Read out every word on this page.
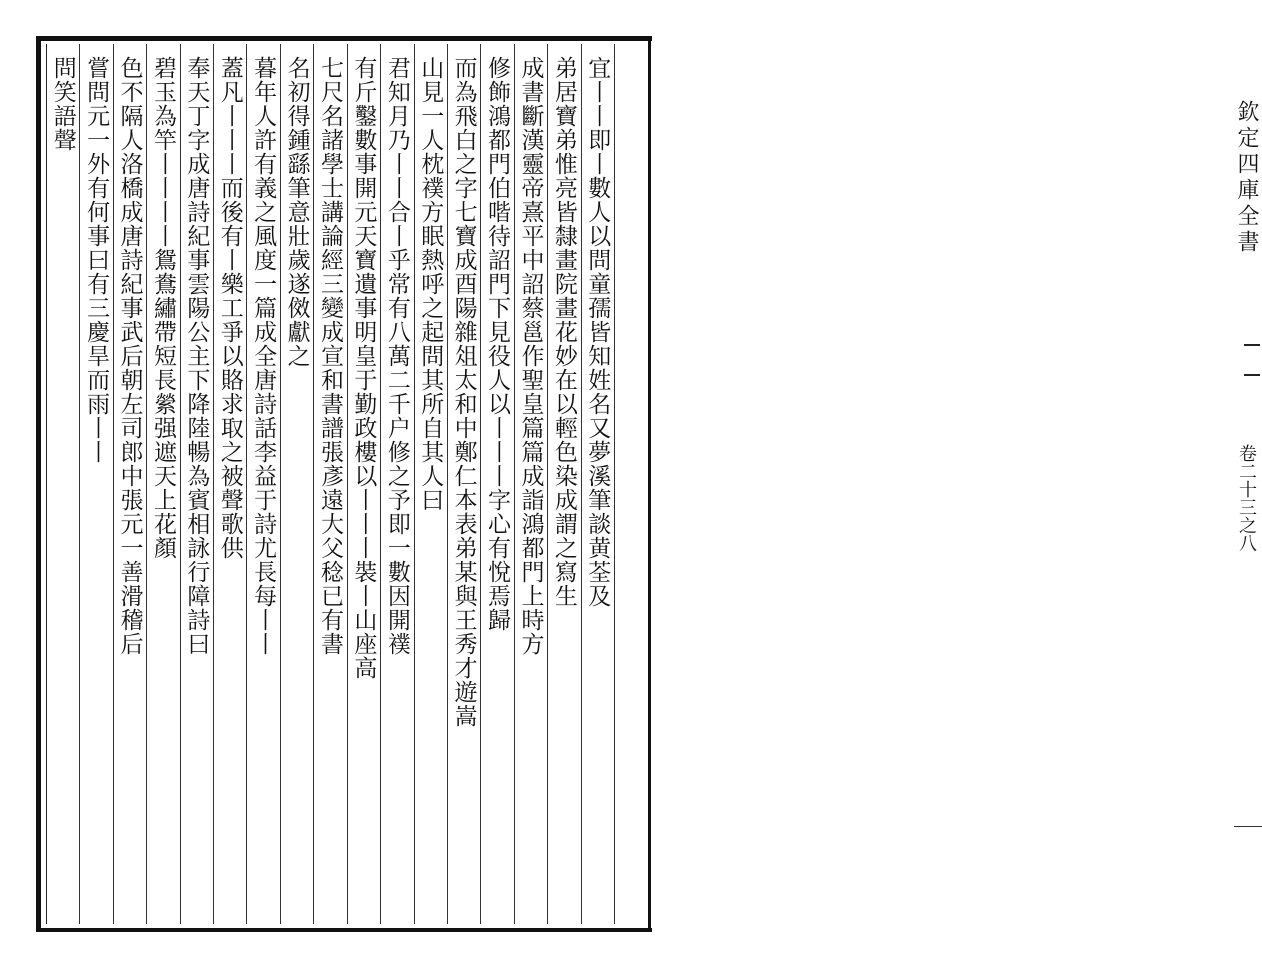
欽定四庫全書
卷二十三之八
宜丨丨即丨數人以問童孺皆知姓名又夢溪筆談黄荃及
弟居寶弟惟亮皆隸畫院畫花妙在以輕色染成謂之寫生
成書斷漢靈帝熹平中詔蔡邕作聖皇篇篇成詣鴻都門上時方
修飾鴻都門伯喈待詔門下見役人以丨丨丨字心有悅焉歸
而為飛白之字七寶成酉陽雜俎太和中鄭仁本表弟某與王秀才遊嵩
山見一人枕襆方眠熱呼之起問其所自其人曰
君知月乃丨丨合丨乎常有八萬二千户修之予即一數因開襆
有斤鑿數事開元天寶遺事明皇于勤政樓以丨丨丨裝丨山座高
七尺名諸學士講論經三變成宣和書譜張彥遠大父稔已有書
名初得鍾繇筆意壯歲遂傚獻之
暮年人許有義之風度一篇成全唐詩話李益于詩尤長每丨丨
蓋凡丨丨丨而後有丨樂工爭以賂求取之被聲歌供
奉天丁字成唐詩紀事雲陽公主下降陸暢為賓相詠行障詩曰
碧玉為竿丨丨丨丨鴛鴦繡帶短長縈强遮天上花顏
色不隔人洛橋成唐詩紀事武后朝左司郎中張元一善滑稽后
嘗問元一外有何事曰有三慶旱而雨丨丨
問笑語聲
